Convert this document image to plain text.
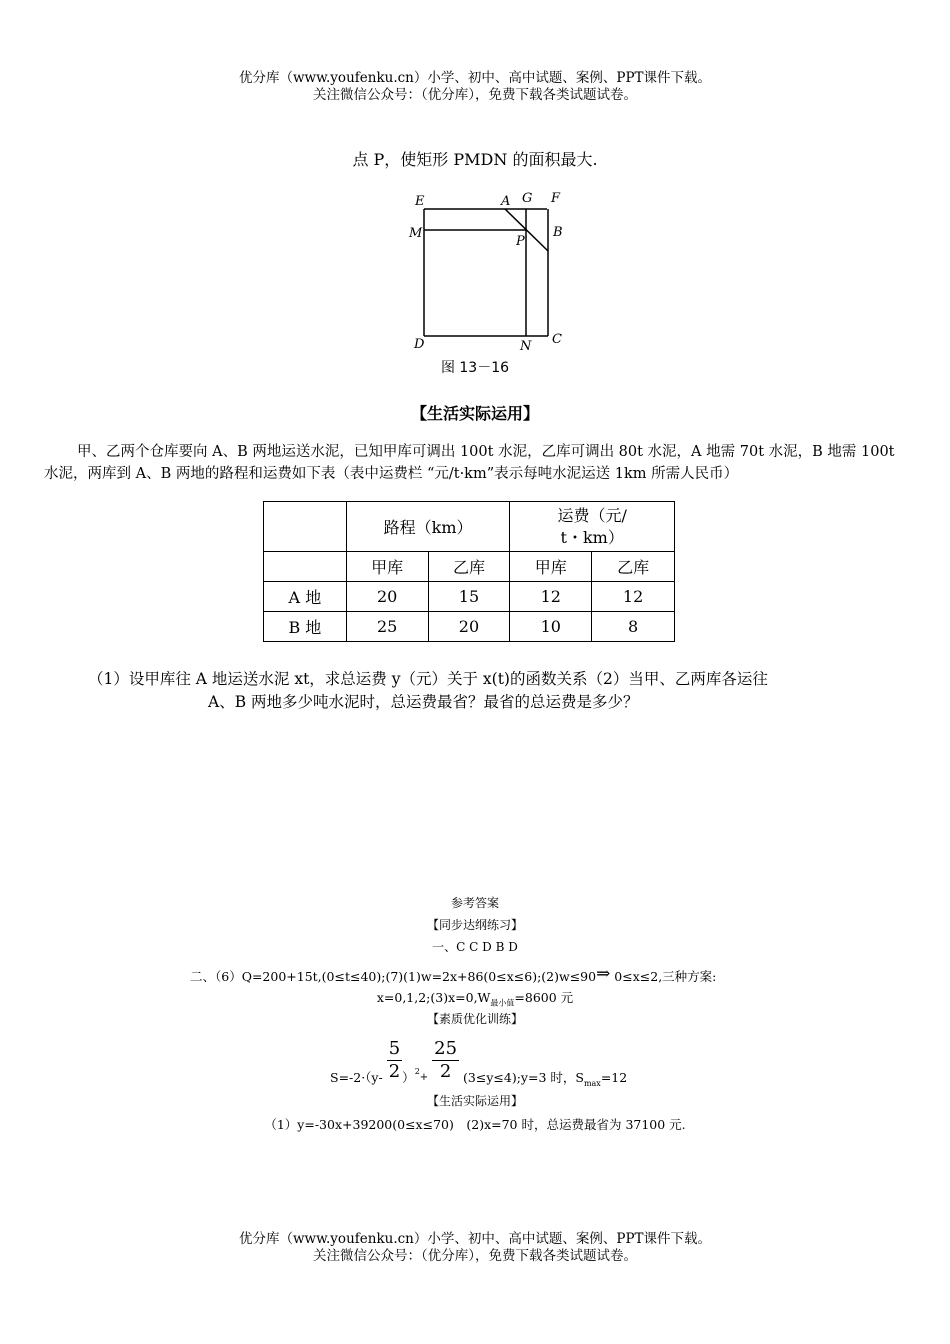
优分库（www.youfenku.cn）小学、初中、高中试题、案例、PPT课件下载。
关注微信公众号：（优分库），免费下载各类试题试卷。
点 P，使矩形 PMDN 的面积最大.
E	A G F
M
P
B
D	N C
图 13－16
【生活实际运用】
甲、乙两个仓库要向 A、B 两地运送水泥，已知甲库可调出 100t 水泥，乙库可调出 80t 水泥，A 地需 70t 水泥，B 地需 100t 水泥，两库到 A、B 两地的路程和运费如下表（表中运费栏 “元/t·km”表示每吨水泥运送 1km 所需人民币）
	路程（km）		运费（元/
t・km）	

	甲库	乙库	甲库	乙库
A 地	20	15	12	12
B 地	25	20	10	8
（1）设甲库往 A 地运送水泥 xt，求总运费 y（元）关于 x(t)的函数关系（2）当甲、乙两库各运往
A、B 两地多少吨水泥时，总运费最省？最省的总运费是多少？
参考答案
【同步达纲练习】
一、C C D B D
二、（6）Q=200+15t,(0≤t≤40);(7)(1)w=2x+86(0≤x≤6);(2)w≤90⇒ 0≤x≤2,三种方案:
$x=0,1,2;(3)x=0,W_{最小值}=8600$ 元
【素质优化训练】
$S=-2\cdot(y- \frac{5}{2} )^2_+ \frac{25}{2}$ (3≤y≤4);y=3 时，$S_{max}=12$
【生活实际运用】
（1）y=-30x+39200(0≤x≤70)　(2)x=70 时，总运费最省为 37100 元.
优分库（www.youfenku.cn）小学、初中、高中试题、案例、PPT课件下载。
关注微信公众号：（优分库），免费下载各类试题试卷。
